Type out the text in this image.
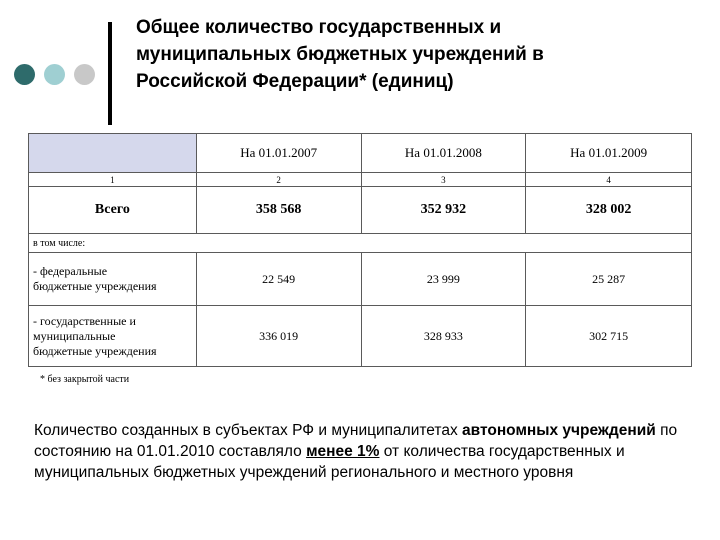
Общее количество государственных и
муниципальных бюджетных учреждений в
Российской Федерации* (единиц)
	На 01.01.2007	На 01.01.2008	На 01.01.2009
1	2	3	4
Всего	358 568	352 932	328 002
в том числе:			
- федеральные
бюджетные учреждения	22 549	23 999	25 287
- государственные и
муниципальные
бюджетные учреждения	336 019	328 933	302 715
* без закрытой части
Количество созданных в субъектах РФ и муниципалитетах автономных учреждений по состоянию на 01.01.2010 составляло менее 1% от количества государственных и муниципальных бюджетных учреждений регионального и местного уровня
